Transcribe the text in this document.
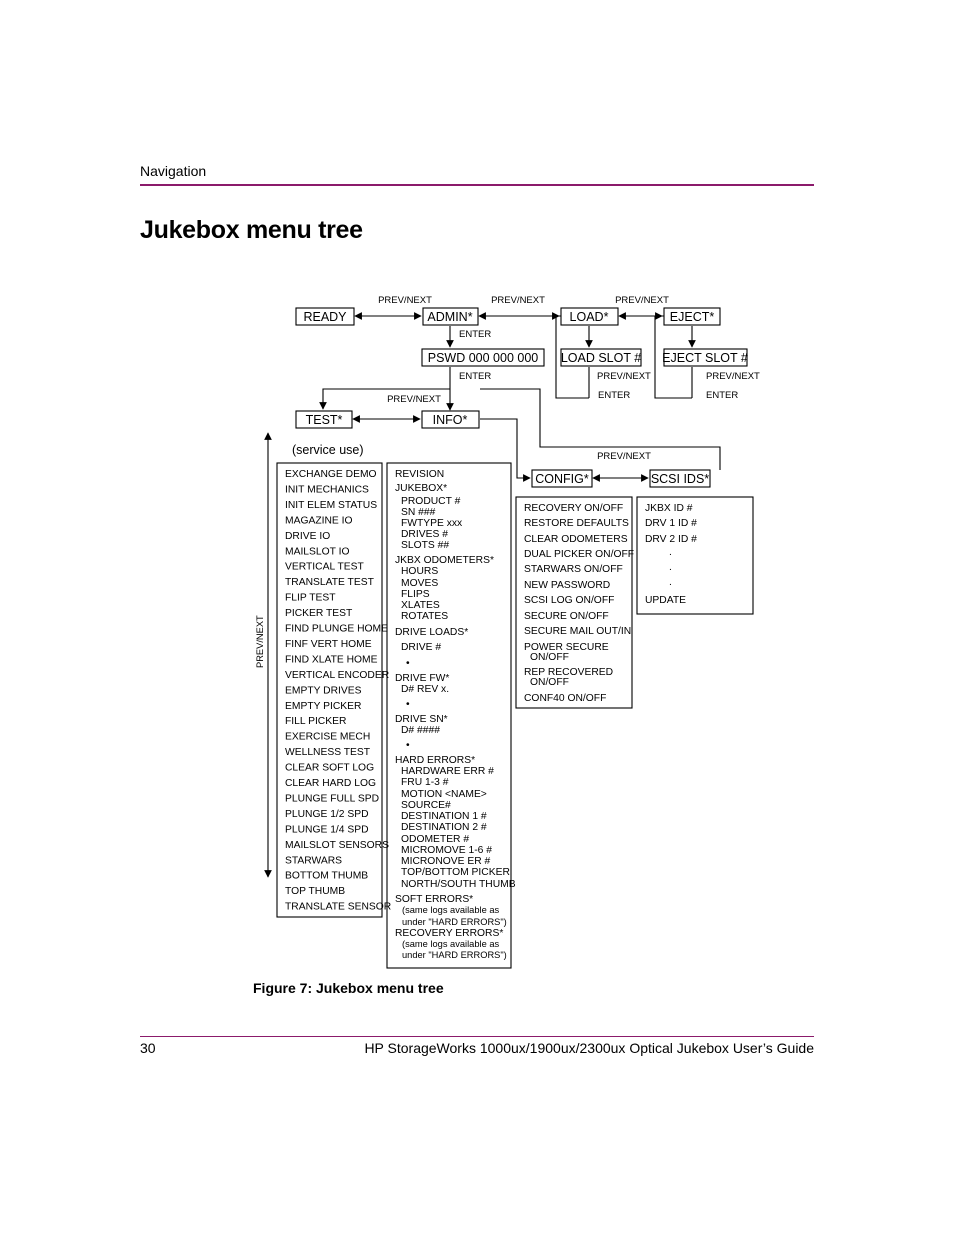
Navigation
Jukebox menu tree
READY	ADMIN*	LOAD*	EJECT*
PREV/NEXT	PREV/NEXT	PREV/NEXT
ENTER
PSWD 000 000 000 LOAD SLOT #
PREV/NEXT
ENTER
EJECT SLOT #
PREV/NEXT
ENTER
ENTER
TEST*	INFO*
PREV/NEXT
PREV/NEXT
CONFIG*	SCSI IDS*
(service use)
PREV/NEXT
EXCHANGE DEMO
INIT MECHANICS
INIT ELEM STATUS
MAGAZINE IO
DRIVE IO
MAILSLOT IO
VERTICAL TEST
TRANSLATE TEST
FLIP TEST
PICKER TEST
FIND PLUNGE HOME
FINF VERT HOME
FIND XLATE HOME
VERTICAL ENCODER
EMPTY DRIVES
EMPTY PICKER
FILL PICKER
EXERCISE MECH
WELLNESS TEST
CLEAR SOFT LOG
CLEAR HARD LOG
PLUNGE FULL SPD
PLUNGE 1/2 SPD
PLUNGE 1/4 SPD
MAILSLOT SENSORS
STARWARS
BOTTOM THUMB
TOP THUMB
TRANSLATE SENSOR
REVISION
JUKEBOX*
PRODUCT #
SN ###
FWTYPE xxx
DRIVES #
SLOTS ##
JKBX ODOMETERS*
HOURS
MOVES
FLIPS
XLATES
ROTATES
DRIVE LOADS*
DRIVE #
•
DRIVE FW*
D# REV x.
•
DRIVE SN*
D# ####
•
HARD ERRORS*
HARDWARE ERR #
FRU 1-3 #
MOTION <NAME>
SOURCE#
DESTINATION 1 #
DESTINATION 2 #
ODOMETER #
MICROMOVE 1-6 #
MICRONOVE ER #
TOP/BOTTOM PICKER
NORTH/SOUTH THUMB
SOFT ERRORS*
(same logs available as
under "HARD ERRORS")
RECOVERY ERRORS*
(same logs available as
under "HARD ERRORS")
RECOVERY ON/OFF
RESTORE DEFAULTS
CLEAR ODOMETERS
DUAL PICKER ON/OFF
STARWARS ON/OFF
NEW PASSWORD
SCSI LOG ON/OFF
SECURE ON/OFF
SECURE MAIL OUT/IN
POWER SECURE
ON/OFF
REP RECOVERED
ON/OFF
CONF40 ON/OFF
JKBX ID #
DRV 1 ID #
DRV 2 ID #
.
.
.
UPDATE
Figure 7: Jukebox menu tree
30	HP StorageWorks 1000ux/1900ux/2300ux Optical Jukebox User’s Guide
